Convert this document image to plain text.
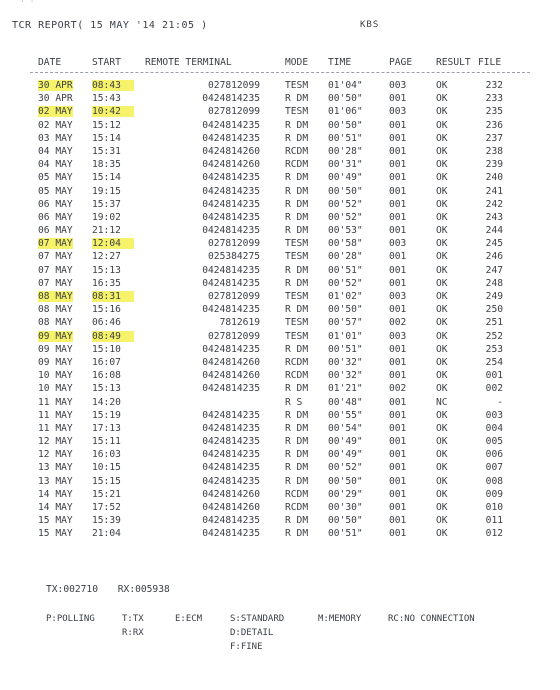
˙ ˙
TCR REPORT( 15 MAY '14 21:05 )	KBS
DATE	START	REMOTE TERMINAL	MODE TIME	PAGE RESULT FILE
30 APR 08:43	027812099	TESM 01'04"	003	OK	232
30 APR 15:43	0424814235	R DM 00'50"	001	OK	233
02 MAY 10:42	027812099	TESM 01'06"	003	OK	235
02 MAY 15:12	0424814235	R DM 00'50"	001	OK	236
03 MAY 15:14	0424814235	R DM 00'51"	001	OK	237
04 MAY 15:31	0424814260	RCDM 00'28"	001	OK	238
04 MAY 18:35	0424814260	RCDM 00'31"	001	OK	239
05 MAY 15:14	0424814235	R DM 00'49"	001	OK	240
05 MAY 19:15	0424814235	R DM 00'50"	001	OK	241
06 MAY 15:37	0424814235	R DM 00'52"	001	OK	242
06 MAY 19:02	0424814235	R DM 00'52"	001	OK	243
06 MAY 21:12	0424814235	R DM 00'53"	001	OK	244
07 MAY 12:04	027812099	TESM 00'58"	003	OK	245
07 MAY 12:27	025384275	TESM 00'28"	001	OK	246
07 MAY 15:13	0424814235	R DM 00'51"	001	OK	247
07 MAY 16:35	0424814235	R DM 00'52"	001	OK	248
08 MAY 08:31	027812099	TESM 01'02"	003	OK	249
08 MAY 15:16	0424814235	R DM 00'50"	001	OK	250
08 MAY 06:46	7812619	TESM 00'57"	002	OK	251
09 MAY 08:49	027812099	TESM 01'01"	003	OK	252
09 MAY 15:10	0424814235	R DM 00'51"	001	OK	253
09 MAY 16:07	0424814260	RCDM 00'32"	001	OK	254
10 MAY 16:08	0424814260	RCDM 00'32"	001	OK	001
10 MAY 15:13	0424814235	R DM 01'21"	002	OK	002
11 MAY 14:20	R S	00'48"	001	NC	-
11 MAY 15:19	0424814235	R DM 00'55"	001	OK	003
11 MAY 17:13	0424814235	R DM 00'54"	001	OK	004
12 MAY 15:11	0424814235	R DM 00'49"	001	OK	005
12 MAY 16:03	0424814235	R DM 00'49"	001	OK	006
13 MAY 10:15	0424814235	R DM 00'52"	001	OK	007
13 MAY 15:15	0424814235	R DM 00'50"	001	OK	008
14 MAY 15:21	0424814260	RCDM 00'29"	001	OK	009
14 MAY 17:52	0424814260	RCDM 00'30"	001	OK	010
15 MAY 15:39	0424814235	R DM 00'50"	001	OK	011
15 MAY 21:04	0424814235	R DM 00'51"	001	OK	012
TX:002710 RX:005938
P:POLLING	T:TX
R:RX
E:ECM	S:STANDARD
D:DETAIL
F:FINE
M:MEMORY	RC:NO CONNECTION
